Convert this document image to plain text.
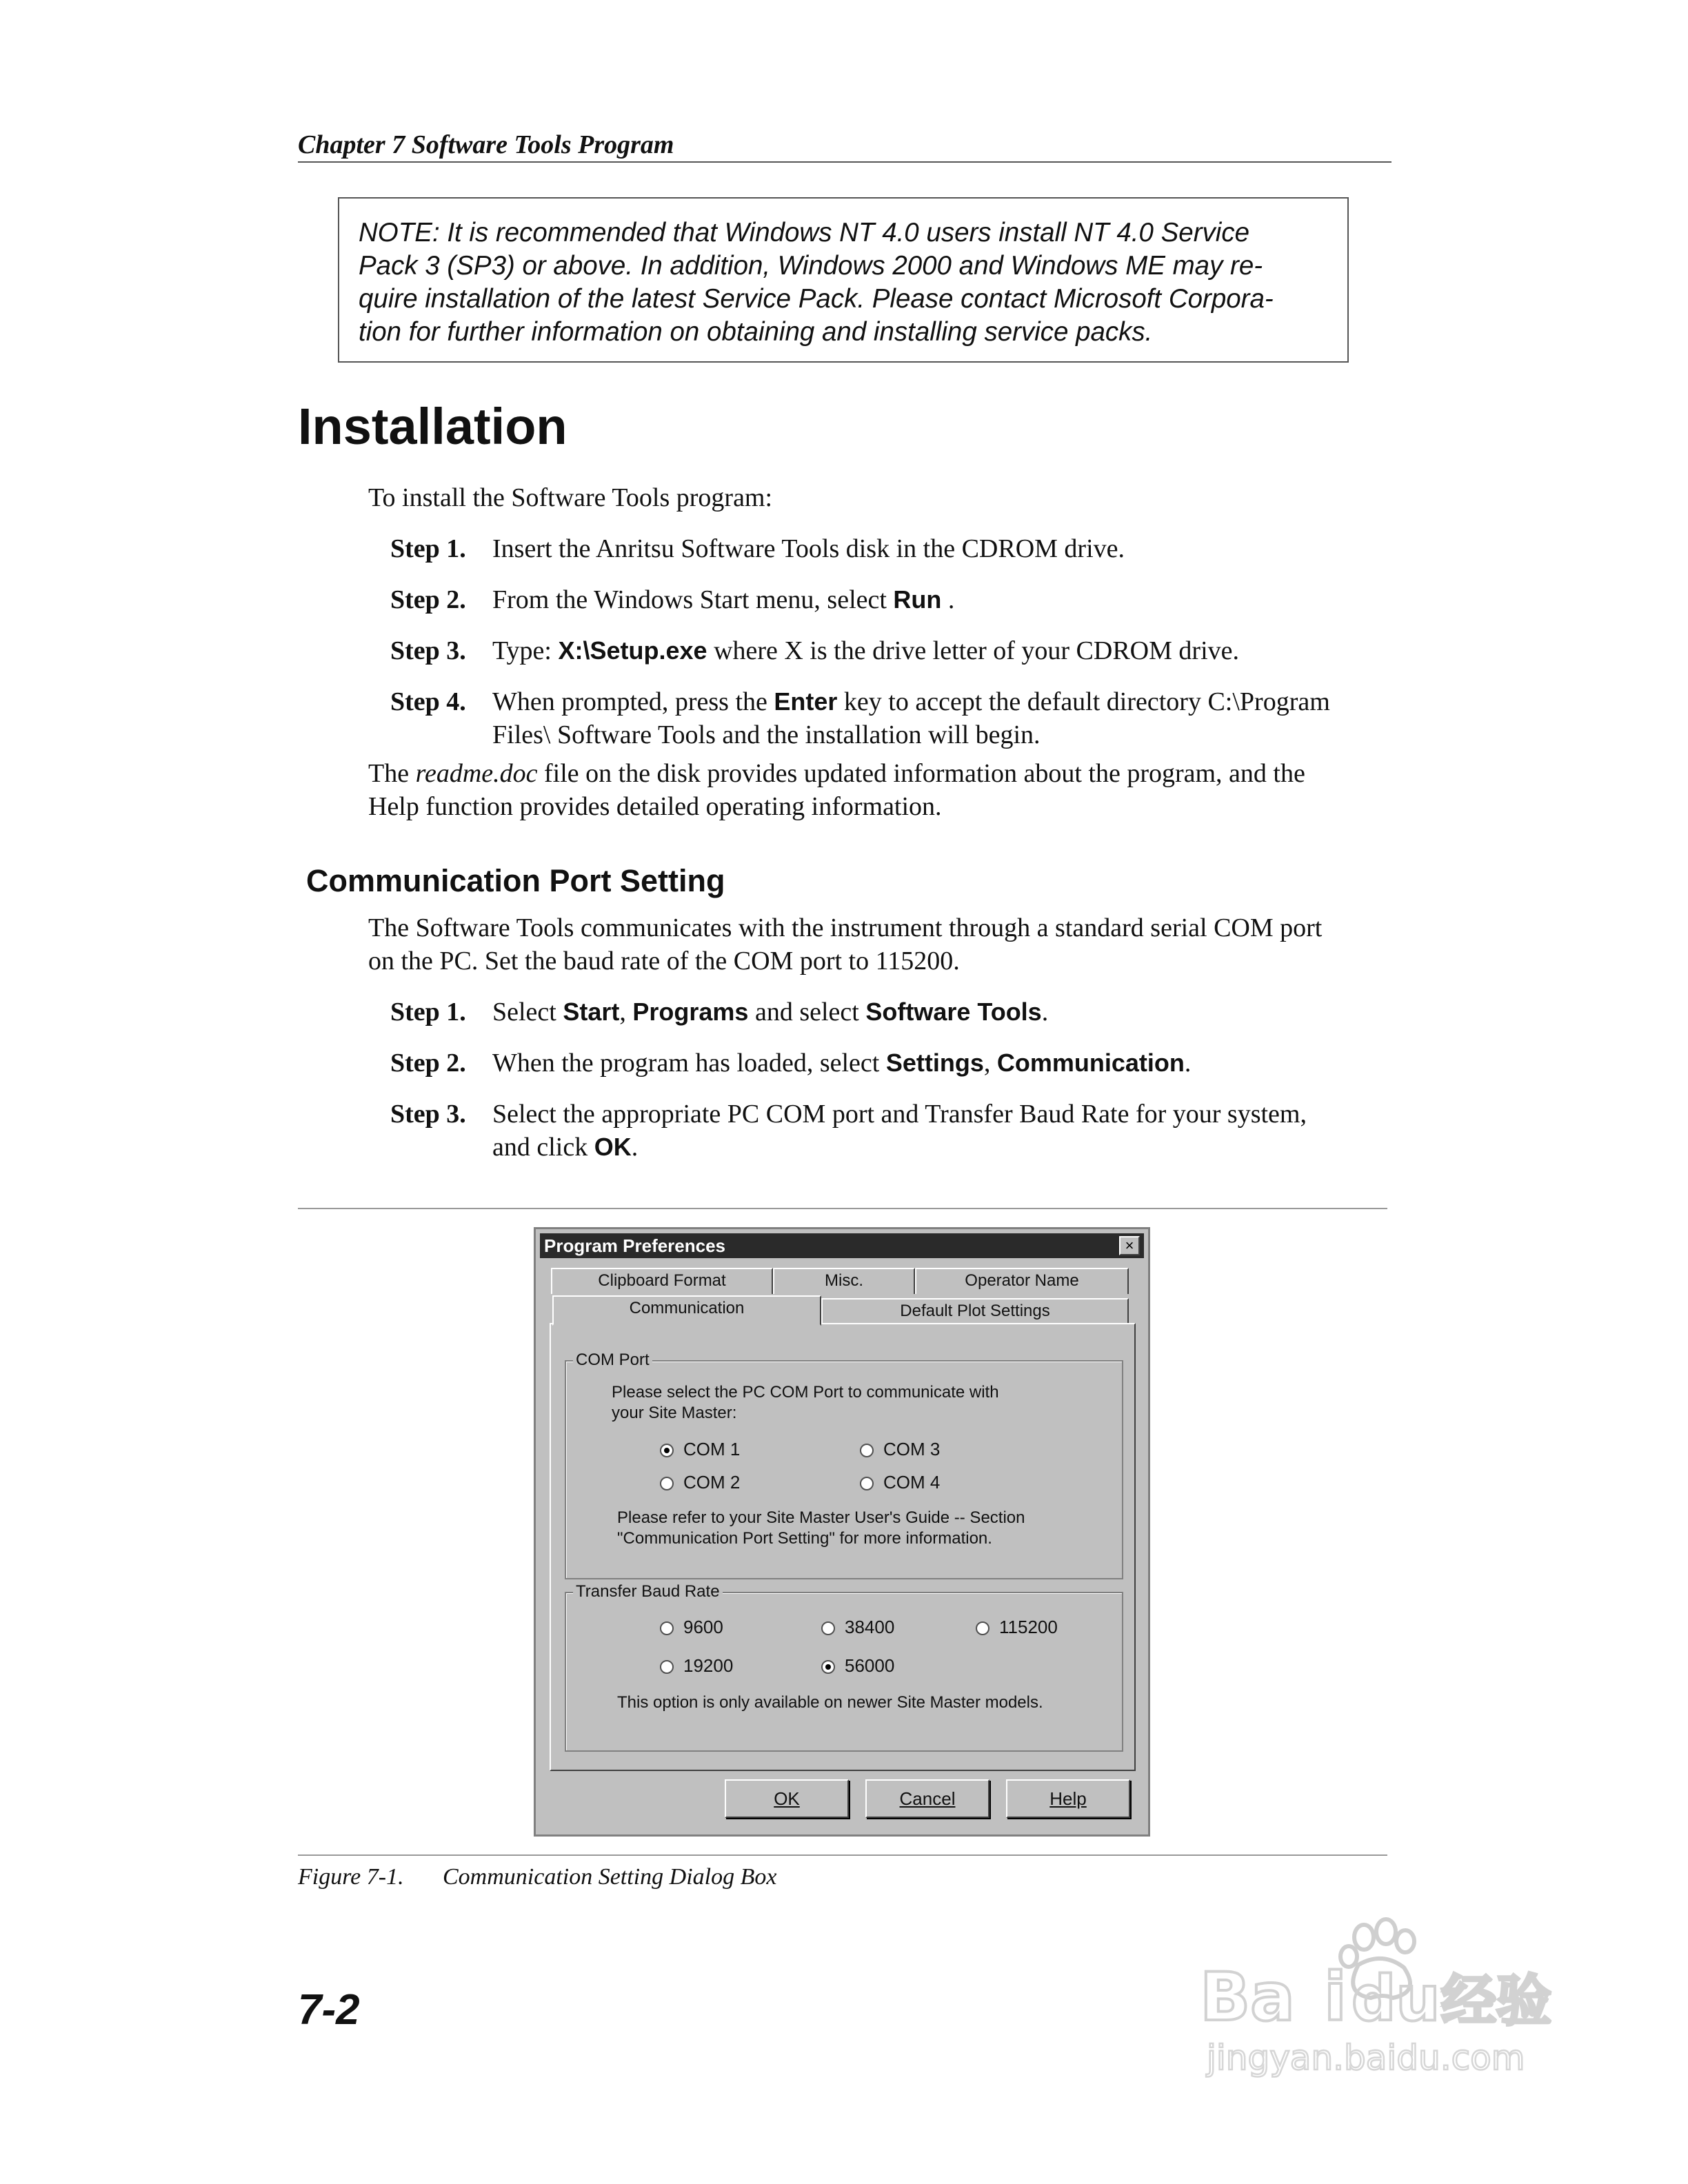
Chapter 7 Software Tools Program
NOTE: It is recommended that Windows NT 4.0 users install NT 4.0 Service
Pack 3 (SP3) or above. In addition, Windows 2000 and Windows ME may re-
quire installation of the latest Service Pack. Please contact Microsoft Corpora-
tion for further information on obtaining and installing service packs.
Installation
To install the Software Tools program:
Step 1. Insert the Anritsu Software Tools disk in the CDROM drive.
Step 2. From the Windows Start menu, select Run .
Step 3. Type: X:\Setup.exe where X is the drive letter of your CDROM drive.
Step 4. When prompted, press the Enter key to accept the default directory C:\Program
Files\ Software Tools and the installation will begin.
The readme.doc file on the disk provides updated information about the program, and the
Help function provides detailed operating information.
Communication Port Setting
The Software Tools communicates with the instrument through a standard serial COM port
on the PC. Set the baud rate of the COM port to 115200.
Step 1. Select Start, Programs and select Software Tools.
Step 2. When the program has loaded, select Settings, Communication.
Step 3. Select the appropriate PC COM port and Transfer Baud Rate for your system,
and click OK.
Program Preferences	×
Clipboard Format	Misc.	Operator Name
Communication	Default Plot Settings
COM Port
Please select the PC COM Port to communicate with
your Site Master:
COM 1	COM 3
COM 2	COM 4
Please refer to your Site Master User's Guide -- Section
"Communication Port Setting" for more information.
Transfer Baud Rate
9600	38400	115200
19200	56000
This option is only available on newer Site Master models.
OK	Cancel	Help
Figure 7-1. Communication Setting Dialog Box
7-2	Ba i du 经验
jingyan.baidu.com
